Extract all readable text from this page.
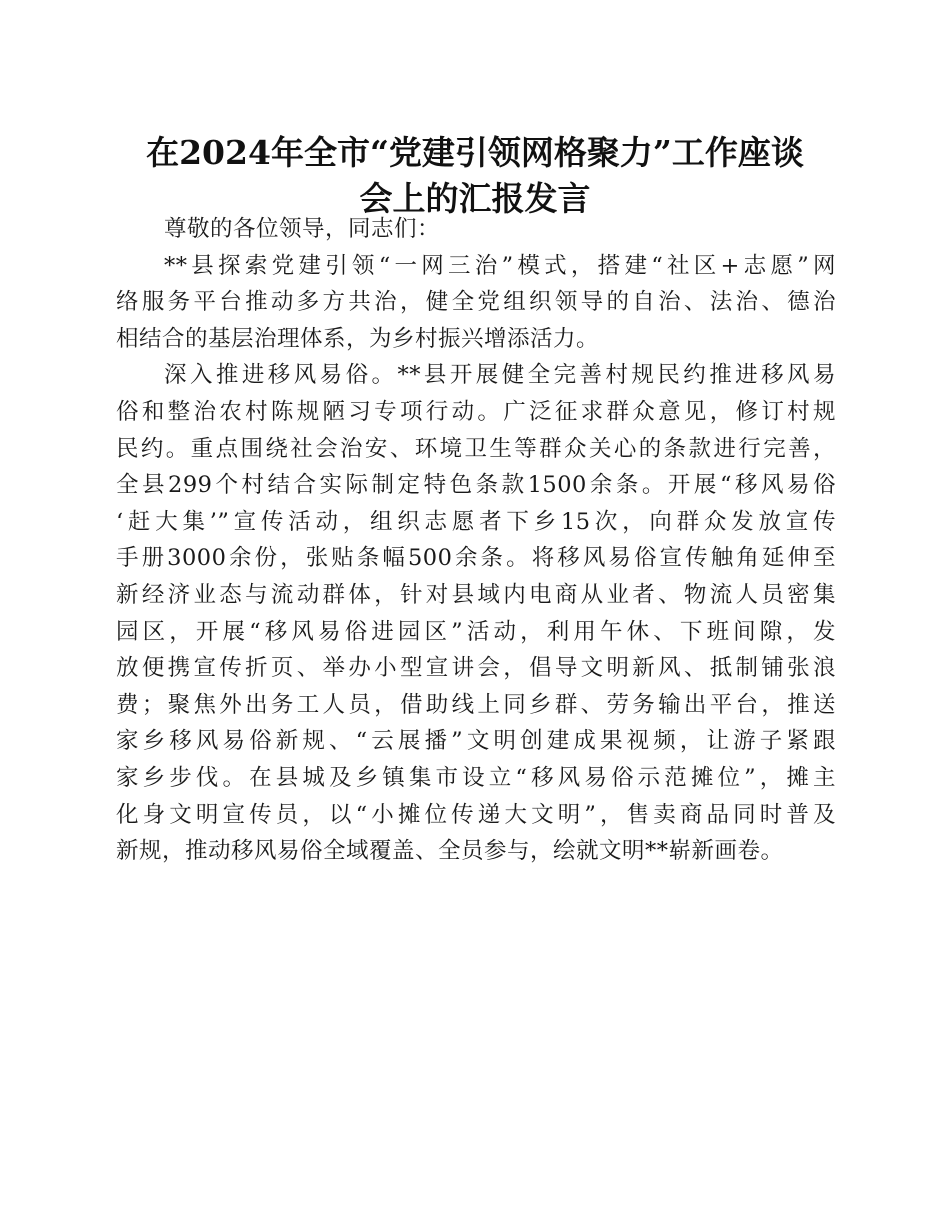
在2024年全市“党建引领网格聚力”工作座谈
会上的汇报发言

尊敬的各位领导，同志们：

**县探索党建引领“一网三治”模式，搭建“社区+志愿”网
络服务平台推动多方共治，健全党组织领导的自治、法治、德治
相结合的基层治理体系，为乡村振兴增添活力。

深入推进移风易俗。**县开展健全完善村规民约推进移风易
俗和整治农村陈规陋习专项行动。广泛征求群众意见，修订村规
民约。重点围绕社会治安、环境卫生等群众关心的条款进行完善，
全县299个村结合实际制定特色条款1500余条。开展“移风易俗
‘赶大集’”宣传活动，组织志愿者下乡15次，向群众发放宣传
手册3000余份，张贴条幅500余条。将移风易俗宣传触角延伸至
新经济业态与流动群体，针对县域内电商从业者、物流人员密集
园区，开展“移风易俗进园区”活动，利用午休、下班间隙，发
放便携宣传折页、举办小型宣讲会，倡导文明新风、抵制铺张浪
费；聚焦外出务工人员，借助线上同乡群、劳务输出平台，推送
家乡移风易俗新规、“云展播”文明创建成果视频，让游子紧跟
家乡步伐。在县城及乡镇集市设立“移风易俗示范摊位”，摊主
化身文明宣传员，以“小摊位传递大文明”，售卖商品同时普及
新规，推动移风易俗全域覆盖、全员参与，绘就文明**崭新画卷。
